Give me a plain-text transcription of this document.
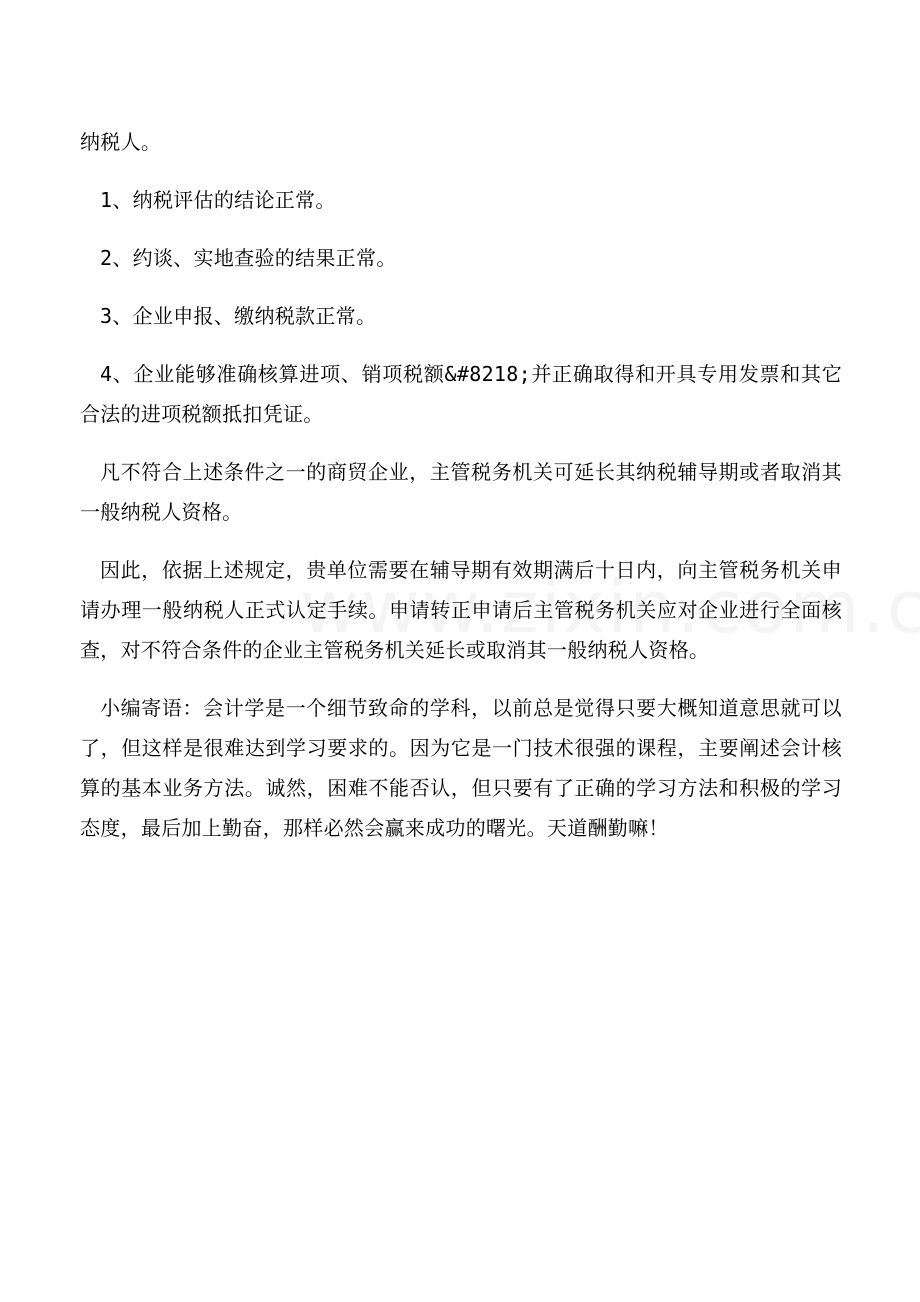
纳税人。

1、纳税评估的结论正常。

2、约谈、实地查验的结果正常。

3、企业申报、缴纳税款正常。

4、企业能够准确核算进项、销项税额&#8218;并正确取得和开具专用发票和其它合法的进项税额抵扣凭证。

凡不符合上述条件之一的商贸企业，主管税务机关可延长其纳税辅导期或者取消其一般纳税人资格。

因此，依据上述规定，贵单位需要在辅导期有效期满后十日内，向主管税务机关申请办理一般纳税人正式认定手续。申请转正申请后主管税务机关应对企业进行全面核查，对不符合条件的企业主管税务机关延长或取消其一般纳税人资格。

小编寄语：会计学是一个细节致命的学科，以前总是觉得只要大概知道意思就可以了，但这样是很难达到学习要求的。因为它是一门技术很强的课程，主要阐述会计核算的基本业务方法。诚然，困难不能否认，但只要有了正确的学习方法和积极的学习态度，最后加上勤奋，那样必然会赢来成功的曙光。天道酬勤嘛！
